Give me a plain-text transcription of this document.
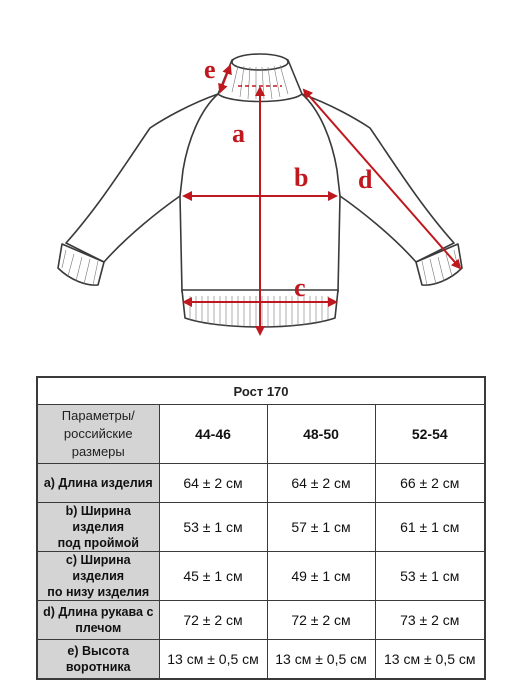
a
b
c
d
e
Рост 170			
Параметры/
российские размеры	44-46	48-50	52-54
a) Длина изделия	64 ± 2 см	64 ± 2 см	66 ± 2 см
b) Ширина изделия
под проймой	53 ± 1 см	57 ± 1 см	61 ± 1 см
c) Ширина изделия
по низу изделия	45 ± 1 см	49 ± 1 см	53 ± 1 см
d) Длина рукава с
плечом	72 ± 2 см	72 ± 2 см	73 ± 2 см
e) Высота
воротника	13 см ± 0,5 см	13 см ± 0,5 см	13 см ± 0,5 см
